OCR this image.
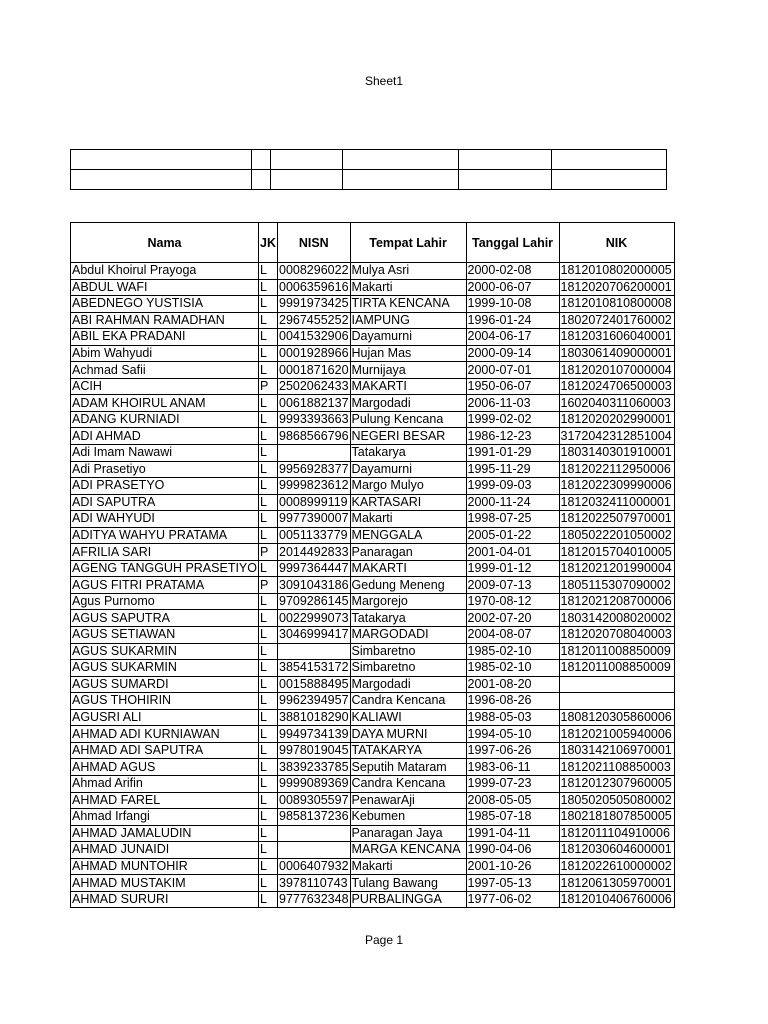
Sheet1

Nama	JK	NISN	Tempat Lahir	Tanggal Lahir	NIK
Abdul Khoirul Prayoga	L	0008296022	Mulya Asri	2000-02-08	1812010802000005
ABDUL WAFI	L	0006359616	Makarti	2000-06-07	1812020706200001
ABEDNEGO YUSTISIA	L	9991973425	TIRTA KENCANA	1999-10-08	1812010810800008
ABI RAHMAN RAMADHAN	L	2967455252	IAMPUNG	1996-01-24	1802072401760002
ABIL EKA PRADANI	L	0041532906	Dayamurni	2004-06-17	1812031606040001
Abim Wahyudi	L	0001928966	Hujan Mas	2000-09-14	1803061409000001
Achmad Safii	L	0001871620	Murnijaya	2000-07-01	1812020107000004
ACIH	P	2502062433	MAKARTI	1950-06-07	1812024706500003
ADAM KHOIRUL ANAM	L	0061882137	Margodadi	2006-11-03	1602040311060003
ADANG KURNIADI	L	9993393663	Pulung Kencana	1999-02-02	1812020202990001
ADI AHMAD	L	9868566796	NEGERI BESAR	1986-12-23	3172042312851004
Adi Imam Nawawi	L		Tatakarya	1991-01-29	1803140301910001
Adi Prasetiyo	L	9956928377	Dayamurni	1995-11-29	1812022112950006
ADI PRASETYO	L	9999823612	Margo Mulyo	1999-09-03	1812022309990006
ADI SAPUTRA	L	0008999119	KARTASARI	2000-11-24	1812032411000001
ADI WAHYUDI	L	9977390007	Makarti	1998-07-25	1812022507970001
ADITYA WAHYU PRATAMA	L	0051133779	MENGGALA	2005-01-22	1805022201050002
AFRILIA SARI	P	2014492833	Panaragan	2001-04-01	1812015704010005
AGENG TANGGUH PRASETIYO	L	9997364447	MAKARTI	1999-01-12	1812021201990004
AGUS FITRI PRATAMA	P	3091043186	Gedung Meneng	2009-07-13	1805115307090002
Agus Purnomo	L	9709286145	Margorejo	1970-08-12	1812021208700006
AGUS SAPUTRA	L	0022999073	Tatakarya	2002-07-20	1803142008020002
AGUS SETIAWAN	L	3046999417	MARGODADI	2004-08-07	1812020708040003
AGUS SUKARMIN	L		Simbaretno	1985-02-10	1812011008850009
AGUS SUKARMIN	L	3854153172	Simbaretno	1985-02-10	1812011008850009
AGUS SUMARDI	L	0015888495	Margodadi	2001-08-20	
AGUS THOHIRIN	L	9962394957	Candra Kencana	1996-08-26	
AGUSRI ALI	L	3881018290	KALIAWI	1988-05-03	1808120305860006
AHMAD ADI KURNIAWAN	L	9949734139	DAYA MURNI	1994-05-10	1812021005940006
AHMAD ADI SAPUTRA	L	9978019045	TATAKARYA	1997-06-26	1803142106970001
AHMAD AGUS	L	3839233785	Seputih Mataram	1983-06-11	1812021108850003
Ahmad Arifin	L	9999089369	Candra Kencana	1999-07-23	1812012307960005
AHMAD FAREL	L	0089305597	PenawarAji	2008-05-05	1805020505080002
Ahmad Irfangi	L	9858137236	Kebumen	1985-07-18	1802181807850005
AHMAD JAMALUDIN	L		Panaragan Jaya	1991-04-11	1812011104910006
AHMAD JUNAIDI	L		MARGA KENCANA	1990-04-06	1812030604600001
AHMAD MUNTOHIR	L	0006407932	Makarti	2001-10-26	1812022610000002
AHMAD MUSTAKIM	L	3978110743	Tulang Bawang	1997-05-13	1812061305970001
AHMAD SURURI	L	9777632348	PURBALINGGA	1977-06-02	1812010406760006
Page 1
